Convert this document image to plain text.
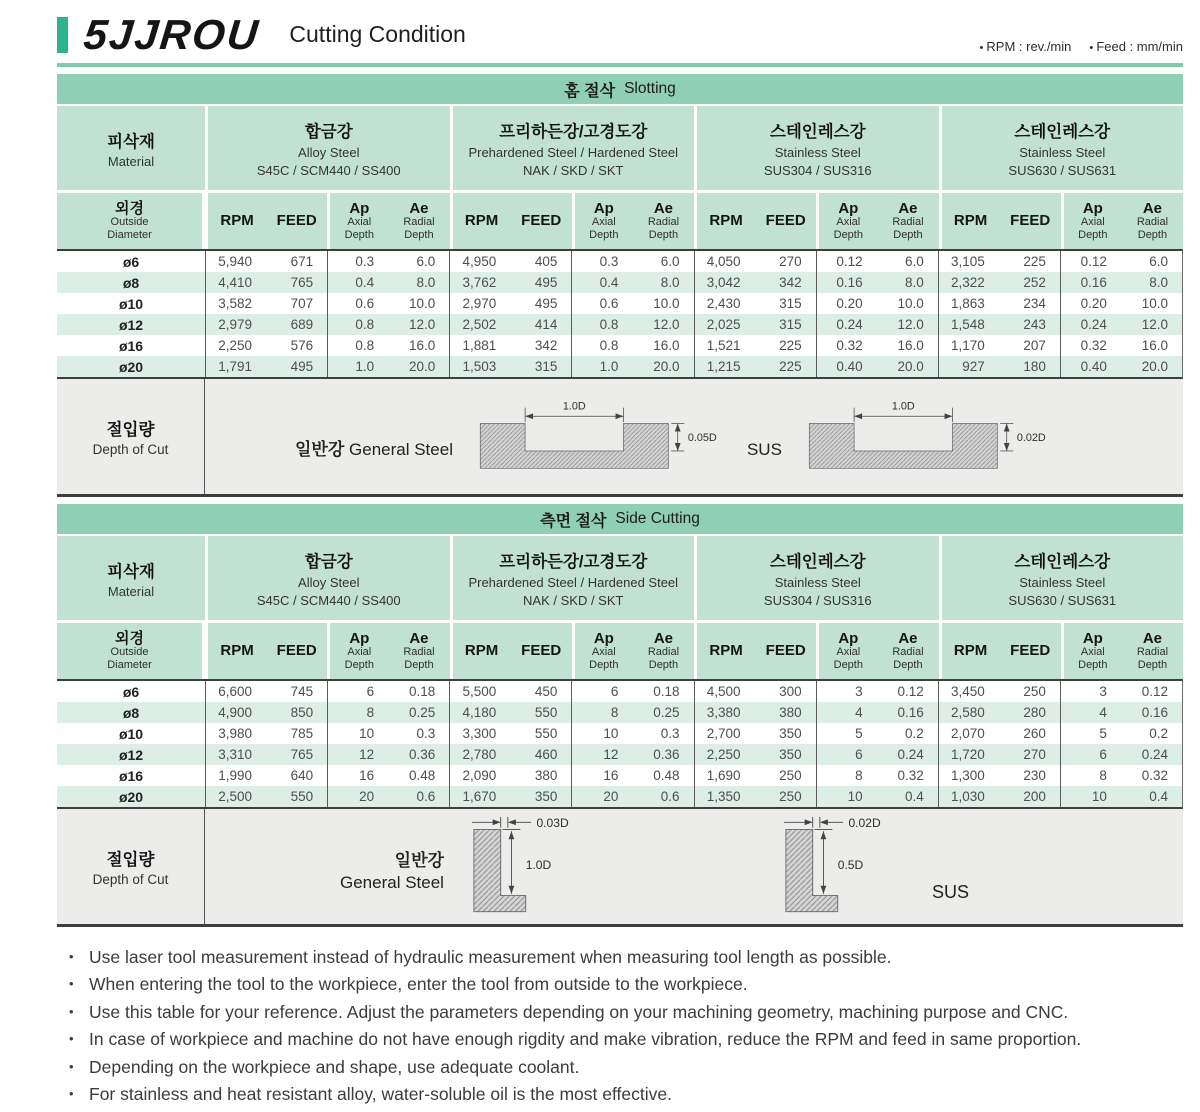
5JJROU Cutting Condition	• RPM : rev./min	• Feed : mm/min
홈 절삭 Slotting
피삭재
Material
합금강
Alloy Steel
S45C / SCM440 / SS400
프리하든강/고경도강
Prehardened Steel / Hardened Steel
NAK / SKD / SKT
스테인레스강
Stainless Steel
SUS304 / SUS316
스테인레스강
Stainless Steel
SUS630 / SUS631
외경
Outside
Diameter
RPM FEED
Ap
Axial
Depth
Ae
Radial
Depth
RPM FEED
Ap
Axial
Depth
Ae
Radial
Depth
RPM FEED
Ap
Axial
Depth
Ae
Radial
Depth
RPM FEED
Ap
Axial
Depth
Ae
Radial
Depth
ø6	5,940	671	0.3	6.0	4,950	405	0.3	6.0	4,050	270	0.12	6.0	3,105	225	0.12	6.0
ø8	4,410	765	0.4	8.0	3,762	495	0.4	8.0	3,042	342	0.16	8.0	2,322	252	0.16	8.0
ø10	3,582	707	0.6	10.0	2,970	495	0.6	10.0	2,430	315	0.20	10.0	1,863	234	0.20	10.0
ø12	2,979	689	0.8	12.0	2,502	414	0.8	12.0	2,025	315	0.24	12.0	1,548	243	0.24	12.0
ø16	2,250	576	0.8	16.0	1,881	342	0.8	16.0	1,521	225	0.32	16.0	1,170	207	0.32	16.0
ø20	1,791	495	1.0	20.0	1,503	315	1.0	20.0	1,215	225	0.40	20.0	927	180	0.40	20.0
절입량
Depth of Cut	일반강 General Steel
1.0D
0.05D
SUS
1.0D
0.02D
측면 절삭 Side Cutting
피삭재
Material
합금강
Alloy Steel
S45C / SCM440 / SS400
프리하든강/고경도강
Prehardened Steel / Hardened Steel
NAK / SKD / SKT
스테인레스강
Stainless Steel
SUS304 / SUS316
스테인레스강
Stainless Steel
SUS630 / SUS631
외경
Outside
Diameter
RPM FEED
Ap
Axial
Depth
Ae
Radial
Depth
RPM FEED
Ap
Axial
Depth
Ae
Radial
Depth
RPM FEED
Ap
Axial
Depth
Ae
Radial
Depth
RPM FEED
Ap
Axial
Depth
Ae
Radial
Depth
ø6	6,600	745	6	0.18	5,500	450	6	0.18	4,500	300	3	0.12	3,450	250	3	0.12
ø8	4,900	850	8	0.25	4,180	550	8	0.25	3,380	380	4	0.16	2,580	280	4	0.16
ø10	3,980	785	10	0.3	3,300	550	10	0.3	2,700	350	5	0.2	2,070	260	5	0.2
ø12	3,310	765	12	0.36	2,780	460	12	0.36	2,250	350	6	0.24	1,720	270	6	0.24
ø16	1,990	640	16	0.48	2,090	380	16	0.48	1,690	250	8	0.32	1,300	230	8	0.32
ø20	2,500	550	20	0.6	1,670	350	20	0.6	1,350	250	10	0.4	1,030	200	10	0.4
절입량
Depth of Cut
일반강
General Steel
0.03D
1.0D
0.02D
0.5D
SUS
• Use laser tool measurement instead of hydraulic measurement when measuring tool length as possible.
• When entering the tool to the workpiece, enter the tool from outside to the workpiece.
• Use this table for your reference. Adjust the parameters depending on your machining geometry, machining purpose and CNC.
• In case of workpiece and machine do not have enough rigdity and make vibration, reduce the RPM and feed in same proportion.
• Depending on the workpiece and shape, use adequate coolant.
• For stainless and heat resistant alloy, water-soluble oil is the most effective.
